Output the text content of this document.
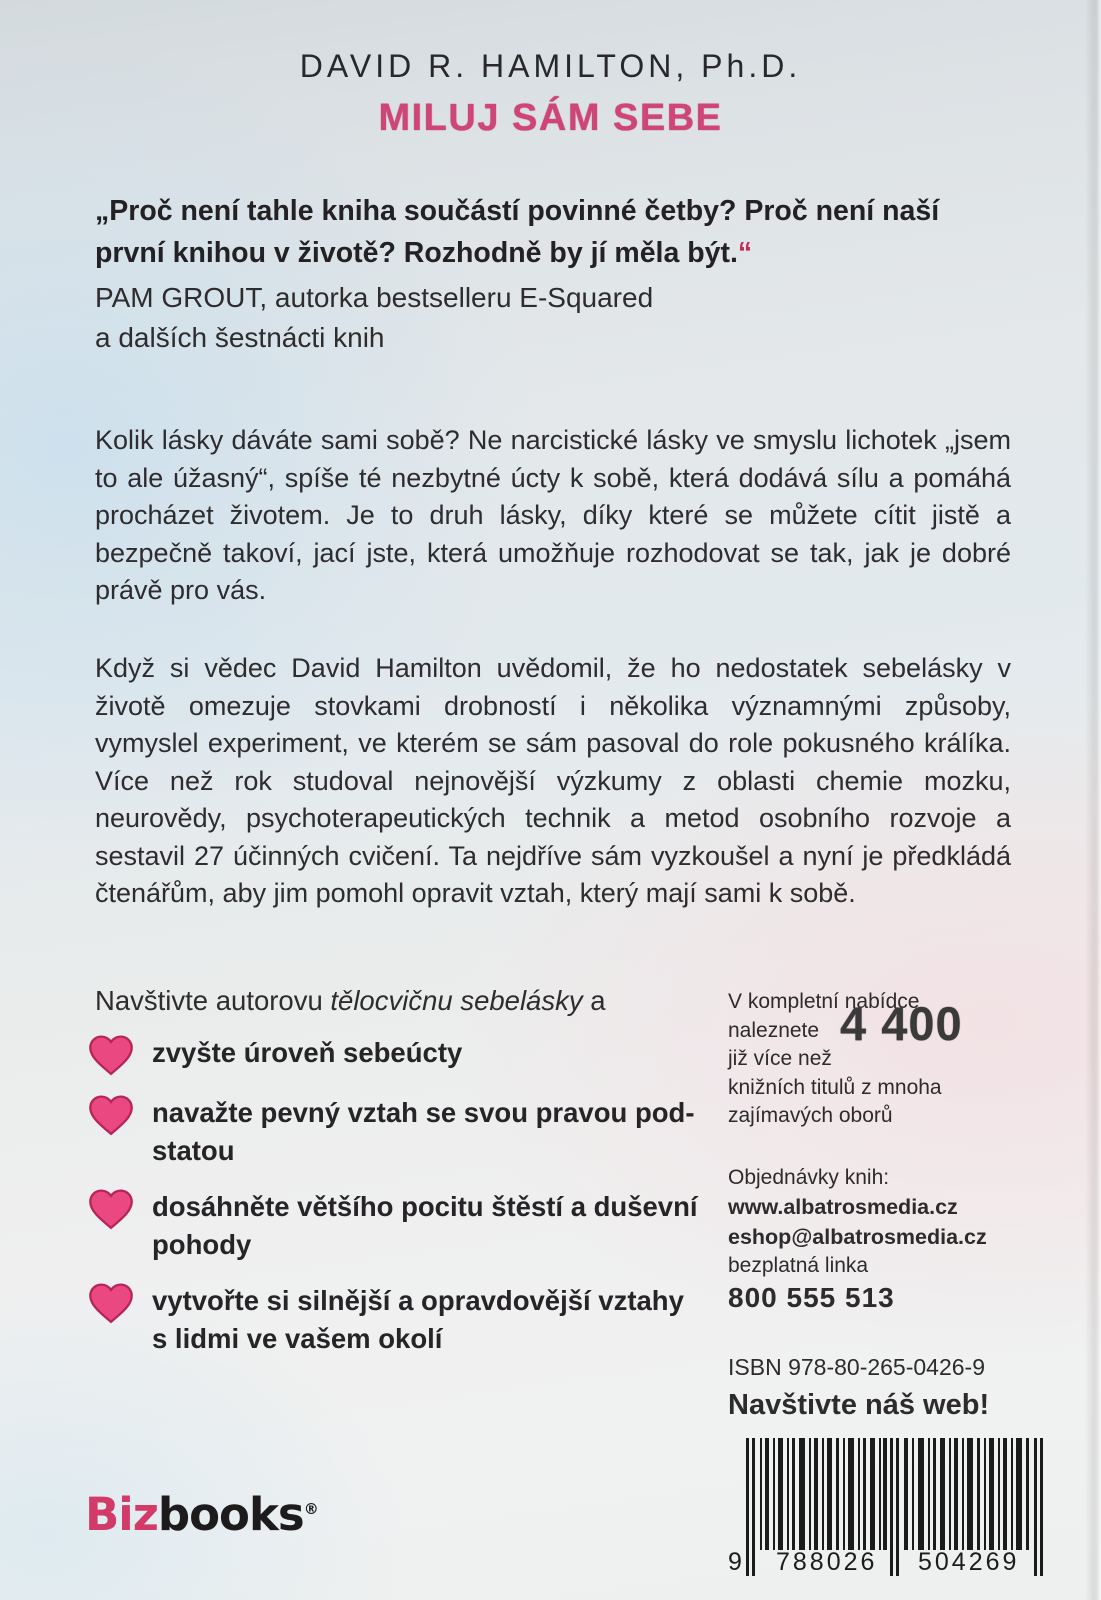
DAVID R. HAMILTON, Ph.D.
MILUJ SÁM SEBE
„Proč není tahle kniha součástí povinné četby? Proč není naší první knihou v životě? Rozhodně by jí měla být.“
PAM GROUT, autorka bestselleru E-Squared
a dalších šestnácti knih
Kolik lásky dáváte sami sobě? Ne narcistické lásky ve smyslu lichotek „jsem to ale úžasný“, spíše té nezbytné úcty k sobě, která dodává sílu a pomáhá procházet životem. Je to druh lásky, díky které se můžete cítit jistě a bezpečně takoví, jací jste, která umožňuje rozhodovat se tak, jak je dobré právě pro vás.
Když si vědec David Hamilton uvědomil, že ho nedostatek sebelásky v životě omezuje stovkami drobností i několika významnými způsoby, vymyslel experiment, ve kterém se sám pasoval do role pokusného králíka. Více než rok studoval nejnovější výzkumy z oblasti chemie mozku, neurovědy, psychoterapeutických technik a metod osobního rozvoje a sestavil 27 účinných cvičení. Ta nejdříve sám vyzkoušel a nyní je předkládá čtenářům, aby jim pomohl opravit vztah, který mají sami k sobě.
Navštivte autorovu tělocvičnu sebelásky a
zvyšte úroveň sebeúcty
navažte pevný vztah se svou pravou pod-
statou
dosáhněte většího pocitu štěstí a duševní
pohody
vytvořte si silnější a opravdovější vztahy
s lidmi ve vašem okolí
V kompletní nabídce
naleznete
již více než
4 400
knižních titulů z mnoha
zajímavých oborů
Objednávky knih:
www.albatrosmedia.cz
eshop@albatrosmedia.cz
bezplatná linka
800 555 513
ISBN 978-80-265-0426-9
Navštivte náš web!
9 788026 504269
Bizbooks®
